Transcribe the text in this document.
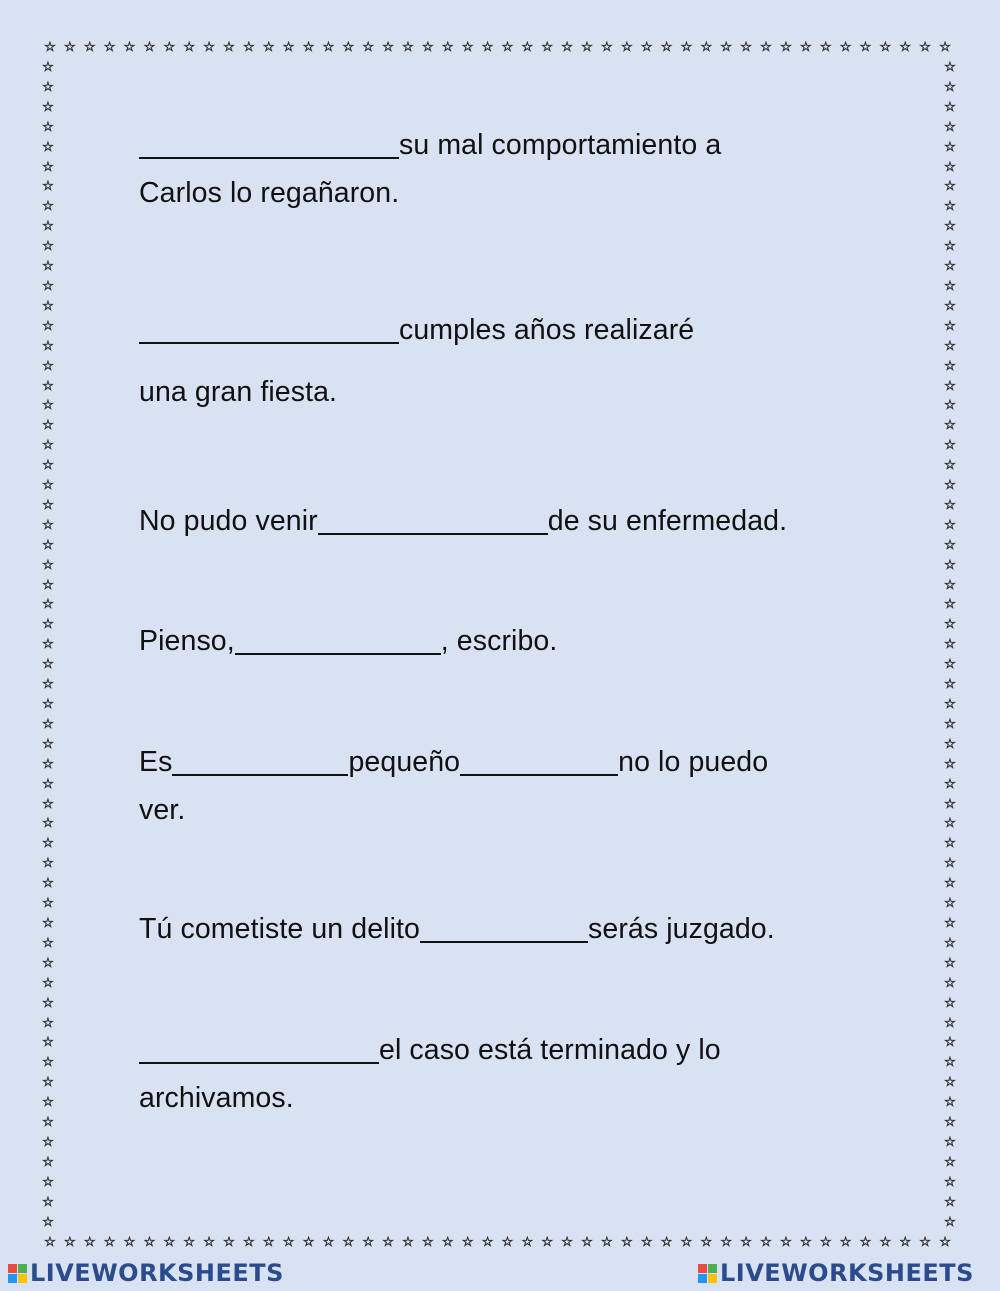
☆ ☆ ☆ ☆ ☆ ☆ ☆ ☆ ☆ ☆ ☆ ☆ ☆ ☆ ☆ ☆ ☆ ☆ ☆ ☆ ☆ ☆ ☆ ☆ ☆ ☆ ☆ ☆ ☆ ☆ ☆ ☆ ☆ ☆ ☆ ☆ ☆ ☆ ☆ ☆ ☆ ☆ ☆ ☆ ☆ ☆
☆ ☆ ☆ ☆ ☆ ☆ ☆ ☆ ☆ ☆ ☆ ☆ ☆ ☆ ☆ ☆ ☆ ☆ ☆ ☆ ☆ ☆ ☆ ☆ ☆ ☆ ☆ ☆ ☆ ☆ ☆ ☆ ☆ ☆ ☆ ☆ ☆ ☆ ☆ ☆ ☆ ☆ ☆ ☆ ☆ ☆
☆
☆
☆
☆
☆
☆
☆
☆
☆
☆
☆
☆
☆
☆
☆
☆
☆
☆
☆
☆
☆
☆
☆
☆
☆
☆
☆
☆
☆
☆
☆
☆
☆
☆
☆
☆
☆
☆
☆
☆
☆
☆
☆
☆
☆
☆
☆
☆
☆
☆
☆
☆
☆
☆
☆
☆
☆
☆
☆
☆
☆
☆
☆
☆
☆
☆
☆
☆
☆
☆
☆
☆
☆
☆
☆
☆
☆
☆
☆
☆
☆
☆
☆
☆
☆
☆
☆
☆
☆
☆
☆
☆
☆
☆
☆
☆
☆
☆
☆
☆
☆
☆
☆
☆
☆
☆
☆
☆
☆
☆
☆
☆
☆
☆
☆
☆
☆
☆
su mal comportamiento a
Carlos lo regañaron.
cumples años realizaré
una gran fiesta.
No pudo venir	de su enfermedad.
Pienso,	, escribo.
Es	pequeño	no lo puedo
ver.
Tú cometiste un delito	serás juzgado.
el caso está terminado y lo
archivamos.
LIVEWORKSHEETS	LIVEWORKSHEETS
